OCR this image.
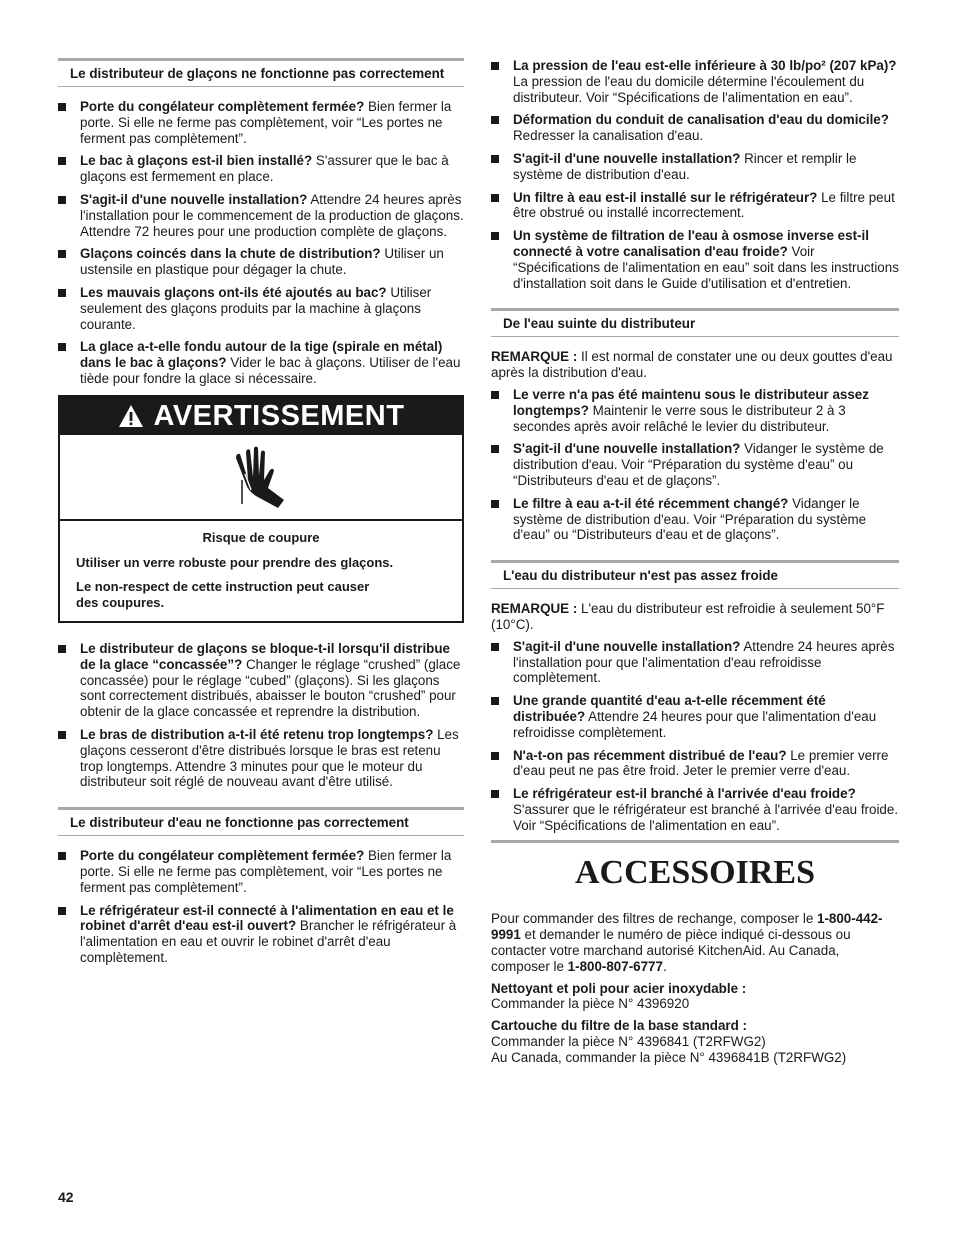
Le distributeur de glaçons ne fonctionne pas correctement
Porte du congélateur complètement fermée? Bien fermer la porte. Si elle ne ferme pas complètement, voir “Les portes ne ferment pas complètement”.
Le bac à glaçons est-il bien installé? S'assurer que le bac à glaçons est fermement en place.
S'agit-il d'une nouvelle installation? Attendre 24 heures après l'installation pour le commencement de la production de glaçons. Attendre 72 heures pour une production complète de glaçons.
Glaçons coincés dans la chute de distribution? Utiliser un ustensile en plastique pour dégager la chute.
Les mauvais glaçons ont-ils été ajoutés au bac? Utiliser seulement des glaçons produits par la machine à glaçons courante.
La glace a-t-elle fondu autour de la tige (spirale en métal) dans le bac à glaçons? Vider le bac à glaçons. Utiliser de l'eau tiède pour fondre la glace si nécessaire.
AVERTISSEMENT
Risque de coupure
Utiliser un verre robuste pour prendre des glaçons.
Le non-respect de cette instruction peut causer des coupures.
Le distributeur de glaçons se bloque-t-il lorsqu'il distribue de la glace “concassée”? Changer le réglage “crushed” (glace concassée) pour le réglage “cubed” (glaçons). Si les glaçons sont correctement distribués, abaisser le bouton “crushed” pour obtenir de la glace concassée et reprendre la distribution.
Le bras de distribution a-t-il été retenu trop longtemps? Les glaçons cesseront d'être distribués lorsque le bras est retenu trop longtemps. Attendre 3 minutes pour que le moteur du distributeur soit réglé de nouveau avant d'être utilisé.
Le distributeur d'eau ne fonctionne pas correctement
Porte du congélateur complètement fermée? Bien fermer la porte. Si elle ne ferme pas complètement, voir “Les portes ne ferment pas complètement”.
Le réfrigérateur est-il connecté à l'alimentation en eau et le robinet d'arrêt d'eau est-il ouvert? Brancher le réfrigérateur à l'alimentation en eau et ouvrir le robinet d'arrêt d'eau complètement.
La pression de l'eau est-elle inférieure à 30 lb/po² (207 kPa)? La pression de l'eau du domicile détermine l'écoulement du distributeur. Voir “Spécifications de l'alimentation en eau”.
Déformation du conduit de canalisation d'eau du domicile? Redresser la canalisation d'eau.
S'agit-il d'une nouvelle installation? Rincer et remplir le système de distribution d'eau.
Un filtre à eau est-il installé sur le réfrigérateur? Le filtre peut être obstrué ou installé incorrectement.
Un système de filtration de l'eau à osmose inverse est-il connecté à votre canalisation d'eau froide? Voir “Spécifications de l'alimentation en eau” soit dans les instructions d'installation soit dans le Guide d'utilisation et d'entretien.
De l'eau suinte du distributeur
REMARQUE : Il est normal de constater une ou deux gouttes d'eau après la distribution d'eau.
Le verre n'a pas été maintenu sous le distributeur assez longtemps? Maintenir le verre sous le distributeur 2 à 3 secondes après avoir relâché le levier du distributeur.
S'agit-il d'une nouvelle installation? Vidanger le système de distribution d'eau. Voir “Préparation du système d'eau” ou “Distributeurs d'eau et de glaçons”.
Le filtre à eau a-t-il été récemment changé? Vidanger le système de distribution d'eau. Voir “Préparation du système d'eau” ou “Distributeurs d'eau et de glaçons”.
L'eau du distributeur n'est pas assez froide
REMARQUE : L'eau du distributeur est refroidie à seulement 50°F (10°C).
S'agit-il d'une nouvelle installation? Attendre 24 heures après l'installation pour que l'alimentation d'eau refroidisse complètement.
Une grande quantité d'eau a-t-elle récemment été distribuée? Attendre 24 heures pour que l'alimentation d'eau refroidisse complètement.
N'a-t-on pas récemment distribué de l'eau? Le premier verre d'eau peut ne pas être froid. Jeter le premier verre d'eau.
Le réfrigérateur est-il branché à l'arrivée d'eau froide? S'assurer que le réfrigérateur est branché à l'arrivée d'eau froide. Voir “Spécifications de l'alimentation en eau”.
ACCESSOIRES
Pour commander des filtres de rechange, composer le 1-800-442-9991 et demander le numéro de pièce indiqué ci-dessous ou contacter votre marchand autorisé KitchenAid. Au Canada, composer le 1-800-807-6777.
Nettoyant et poli pour acier inoxydable :
Commander la pièce N° 4396920
Cartouche du filtre de la base standard :
Commander la pièce N° 4396841 (T2RFWG2)
Au Canada, commander la pièce N° 4396841B (T2RFWG2)
42
